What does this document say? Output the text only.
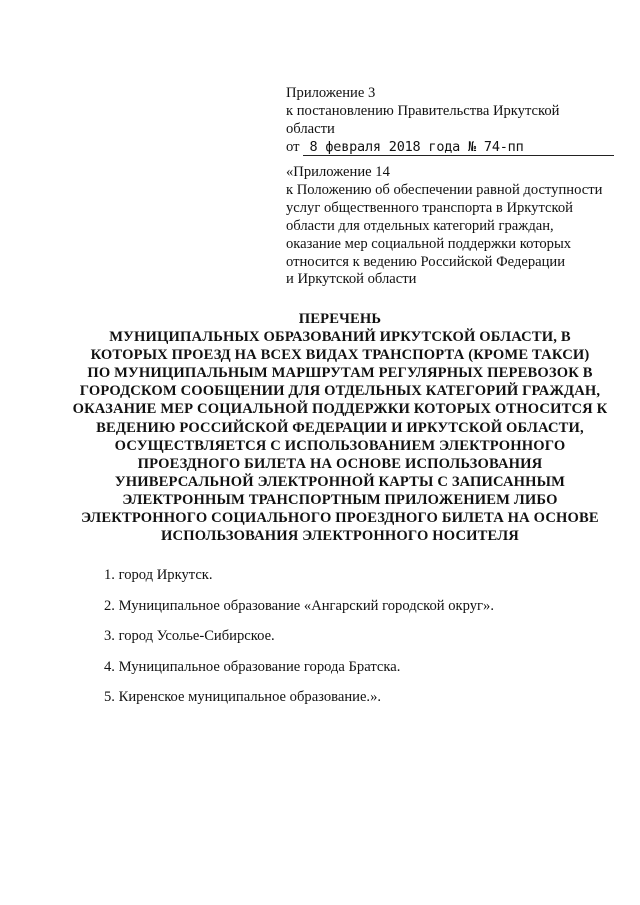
Приложение 3
к постановлению Правительства Иркутской
области
от 8 февраля 2018 года № 74-пп
«Приложение 14
к Положению об обеспечении равной доступности
услуг общественного транспорта в Иркутской
области для отдельных категорий граждан,
оказание мер социальной поддержки которых
относится к ведению Российской Федерации
и Иркутской области
ПЕРЕЧЕНЬ
МУНИЦИПАЛЬНЫХ ОБРАЗОВАНИЙ ИРКУТСКОЙ ОБЛАСТИ, В
КОТОРЫХ ПРОЕЗД НА ВСЕХ ВИДАХ ТРАНСПОРТА (КРОМЕ ТАКСИ)
ПО МУНИЦИПАЛЬНЫМ МАРШРУТАМ РЕГУЛЯРНЫХ ПЕРЕВОЗОК В
ГОРОДСКОМ СООБЩЕНИИ ДЛЯ ОТДЕЛЬНЫХ КАТЕГОРИЙ ГРАЖДАН,
ОКАЗАНИЕ МЕР СОЦИАЛЬНОЙ ПОДДЕРЖКИ КОТОРЫХ ОТНОСИТСЯ К
ВЕДЕНИЮ РОССИЙСКОЙ ФЕДЕРАЦИИ И ИРКУТСКОЙ ОБЛАСТИ,
ОСУЩЕСТВЛЯЕТСЯ С ИСПОЛЬЗОВАНИЕМ ЭЛЕКТРОННОГО
ПРОЕЗДНОГО БИЛЕТА НА ОСНОВЕ ИСПОЛЬЗОВАНИЯ
УНИВЕРСАЛЬНОЙ ЭЛЕКТРОННОЙ КАРТЫ С ЗАПИСАННЫМ
ЭЛЕКТРОННЫМ ТРАНСПОРТНЫМ ПРИЛОЖЕНИЕМ ЛИБО
ЭЛЕКТРОННОГО СОЦИАЛЬНОГО ПРОЕЗДНОГО БИЛЕТА НА ОСНОВЕ
ИСПОЛЬЗОВАНИЯ ЭЛЕКТРОННОГО НОСИТЕЛЯ
1. город Иркутск.
2. Муниципальное образование «Ангарский городской округ».
3. город Усолье-Сибирское.
4. Муниципальное образование города Братска.
5. Киренское муниципальное образование.».
